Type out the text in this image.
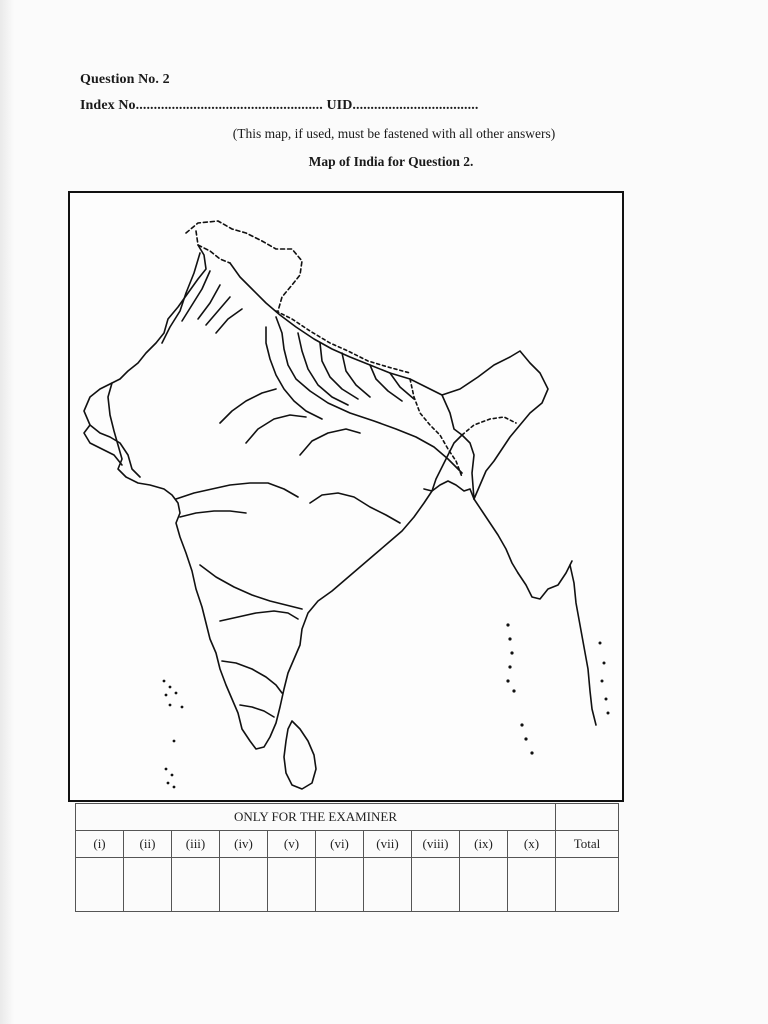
Question No. 2
Index No.................................................... UID...................................
(This map, if used, must be fastened with all other answers)
Map of India for Question 2.
ONLY FOR THE EXAMINER										
(i)	(ii)	(iii)	(iv)	(v)	(vi)	(vii)	(viii)	(ix)	(x)	Total
